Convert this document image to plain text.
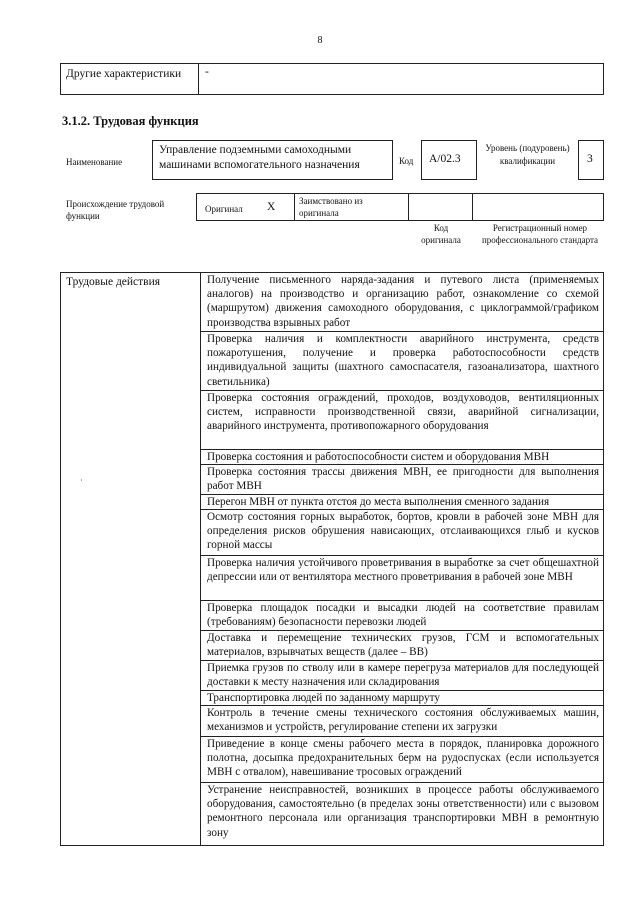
8
Другие характеристики	-
3.1.2. Трудовая функция
Наименование
Управление подземными самоходными машинами вспомогательного назначения	Код А/02.3
Уровень (подуровень) квалификации	3
Происхождение трудовой функции
Оригинал X	Заимствовано из оригинала
Код оригинала
Регистрационный номер профессионального стандарта
Трудовые действия
·
Получение письменного наряда-задания и путевого листа (применяемых аналогов) на производство и организацию работ, ознакомление со схемой (маршрутом) движения самоходного оборудования, с циклограммой/графиком производства взрывных работ
Проверка наличия и комплектности аварийного инструмента, средств пожаротушения, получение и проверка работоспособности средств индивидуальной защиты (шахтного самоспасателя, газоанализатора, шахтного светильника)
Проверка состояния ограждений, проходов, воздуховодов, вентиляционных систем, исправности производственной связи, аварийной сигнализации, аварийного инструмента, противопожарного оборудования
Проверка состояния и работоспособности систем и оборудования МВН
Проверка состояния трассы движения МВН, ее пригодности для выполнения работ МВН
Перегон МВН от пункта отстоя до места выполнения сменного задания
Осмотр состояния горных выработок, бортов, кровли в рабочей зоне МВН для определения рисков обрушения нависающих, отслаивающихся глыб и кусков горной массы
Проверка наличия устойчивого проветривания в выработке за счет общешахтной депрессии или от вентилятора местного проветривания в рабочей зоне МВН
Проверка площадок посадки и высадки людей на соответствие правилам (требованиям) безопасности перевозки людей
Доставка и перемещение технических грузов, ГСМ и вспомогательных материалов, взрывчатых веществ (далее – ВВ)
Приемка грузов по стволу или в камере перегруза материалов для последующей доставки к месту назначения или складирования
Транспортировка людей по заданному маршруту
Контроль в течение смены технического состояния обслуживаемых машин, механизмов и устройств, регулирование степени их загрузки
Приведение в конце смены рабочего места в порядок, планировка дорожного полотна, досыпка предохранительных берм на рудоспусках (если используется МВН с отвалом), навешивание тросовых ограждений
Устранение неисправностей, возникших в процессе работы обслуживаемого оборудования, самостоятельно (в пределах зоны ответственности) или с вызовом ремонтного персонала или организация транспортировки МВН в ремонтную зону
